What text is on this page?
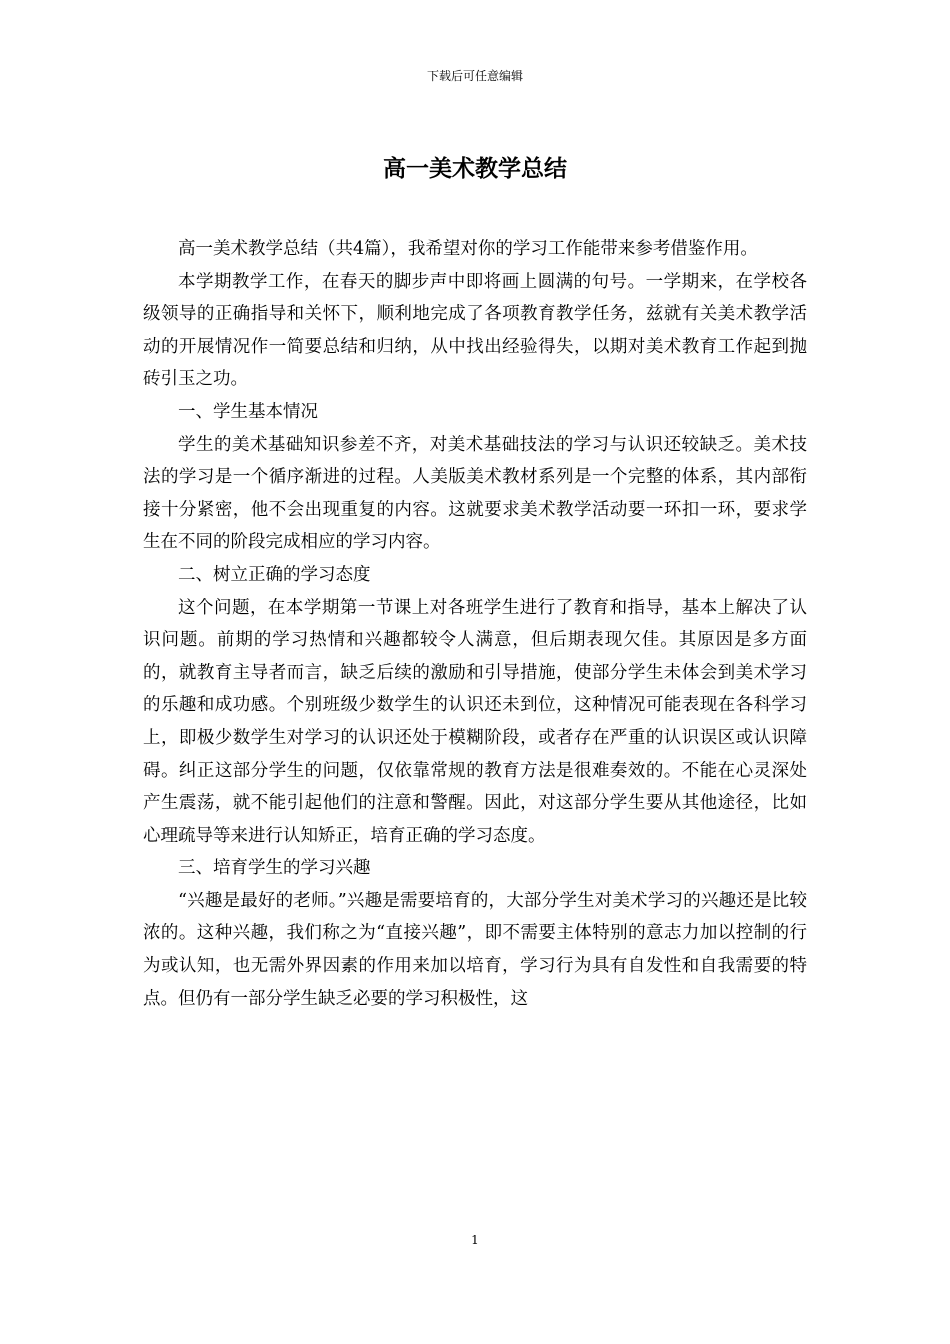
下载后可任意编辑
高一美术教学总结

高一美术教学总结（共4篇），我希望对你的学习工作能带来参考借鉴作用。

本学期教学工作，在春天的脚步声中即将画上圆满的句号。一学期来，在学校各级领导的正确指导和关怀下，顺利地完成了各项教育教学任务，兹就有关美术教学活动的开展情况作一简要总结和归纳，从中找出经验得失，以期对美术教育工作起到抛砖引玉之功。

一、学生基本情况

学生的美术基础知识参差不齐，对美术基础技法的学习与认识还较缺乏。美术技法的学习是一个循序渐进的过程。人美版美术教材系列是一个完整的体系，其内部衔接十分紧密，他不会出现重复的内容。这就要求美术教学活动要一环扣一环，要求学生在不同的阶段完成相应的学习内容。

二、树立正确的学习态度

这个问题，在本学期第一节课上对各班学生进行了教育和指导，基本上解决了认识问题。前期的学习热情和兴趣都较令人满意，但后期表现欠佳。其原因是多方面的，就教育主导者而言，缺乏后续的激励和引导措施，使部分学生未体会到美术学习的乐趣和成功感。个别班级少数学生的认识还未到位，这种情况可能表现在各科学习上，即极少数学生对学习的认识还处于模糊阶段，或者存在严重的认识误区或认识障碍。纠正这部分学生的问题，仅依靠常规的教育方法是很难奏效的。不能在心灵深处产生震荡，就不能引起他们的注意和警醒。因此，对这部分学生要从其他途径，比如心理疏导等来进行认知矫正，培育正确的学习态度。

三、培育学生的学习兴趣

“兴趣是最好的老师。”兴趣是需要培育的，大部分学生对美术学习的兴趣还是比较浓的。这种兴趣，我们称之为“直接兴趣”，即不需要主体特别的意志力加以控制的行为或认知，也无需外界因素的作用来加以培育，学习行为具有自发性和自我需要的特点。但仍有一部分学生缺乏必要的学习积极性，这

1
